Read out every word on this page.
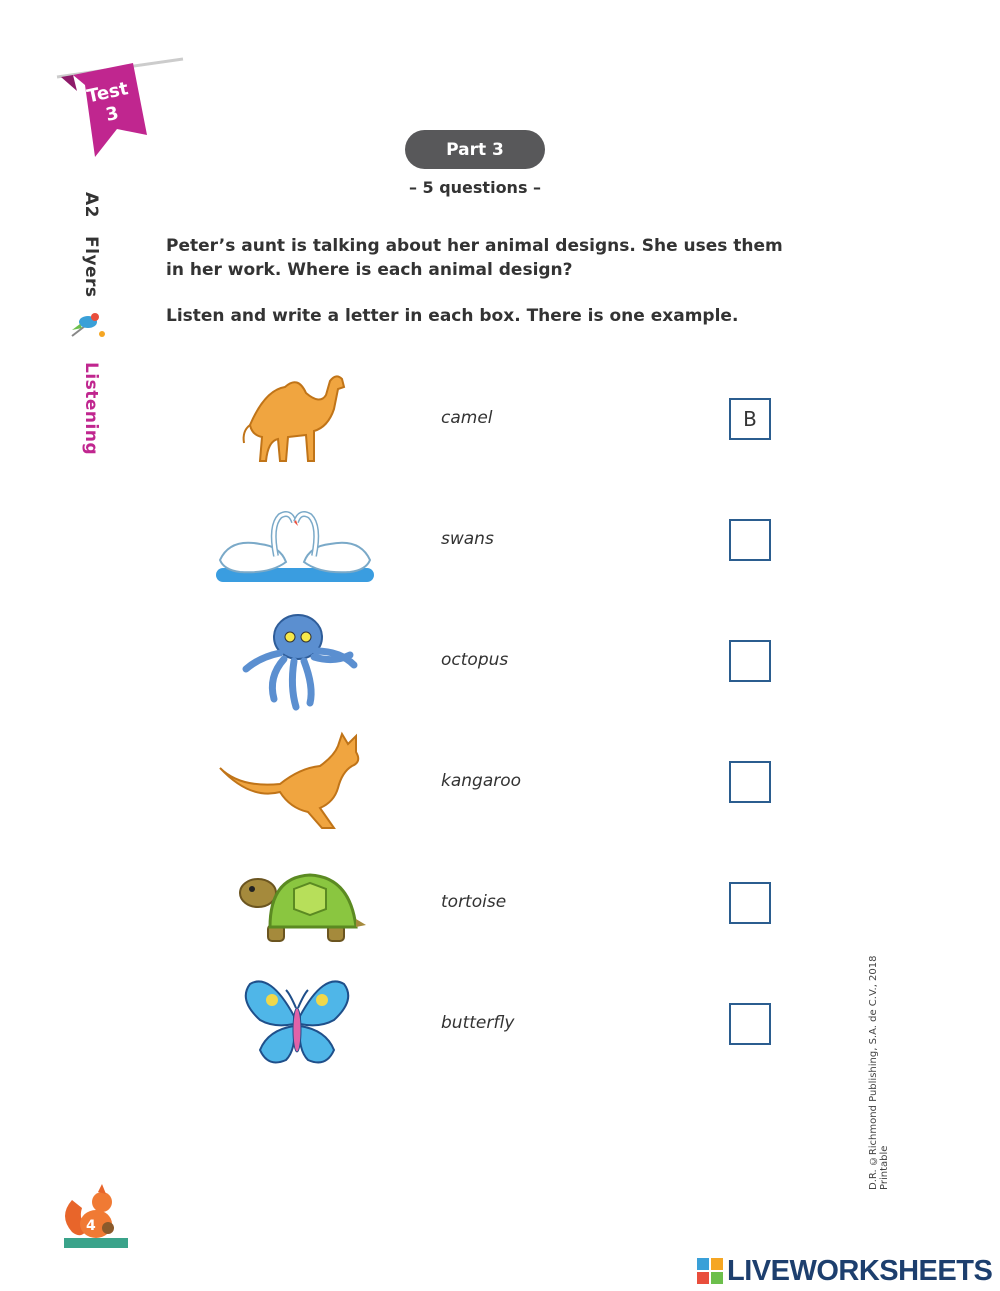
Test
3
A2
Flyers
Listening
Part 3
– 5 questions –
Peter’s aunt is talking about her animal designs. She uses them in her work. Where is each animal design?
Listen and write a letter in each box. There is one example.
camel
B
swans
octopus
kangaroo
tortoise
butterfly	D.R. ©Richmond Publishing, S.A. de C.V., 2018 Printable
4
LIVEWORKSHEETS
